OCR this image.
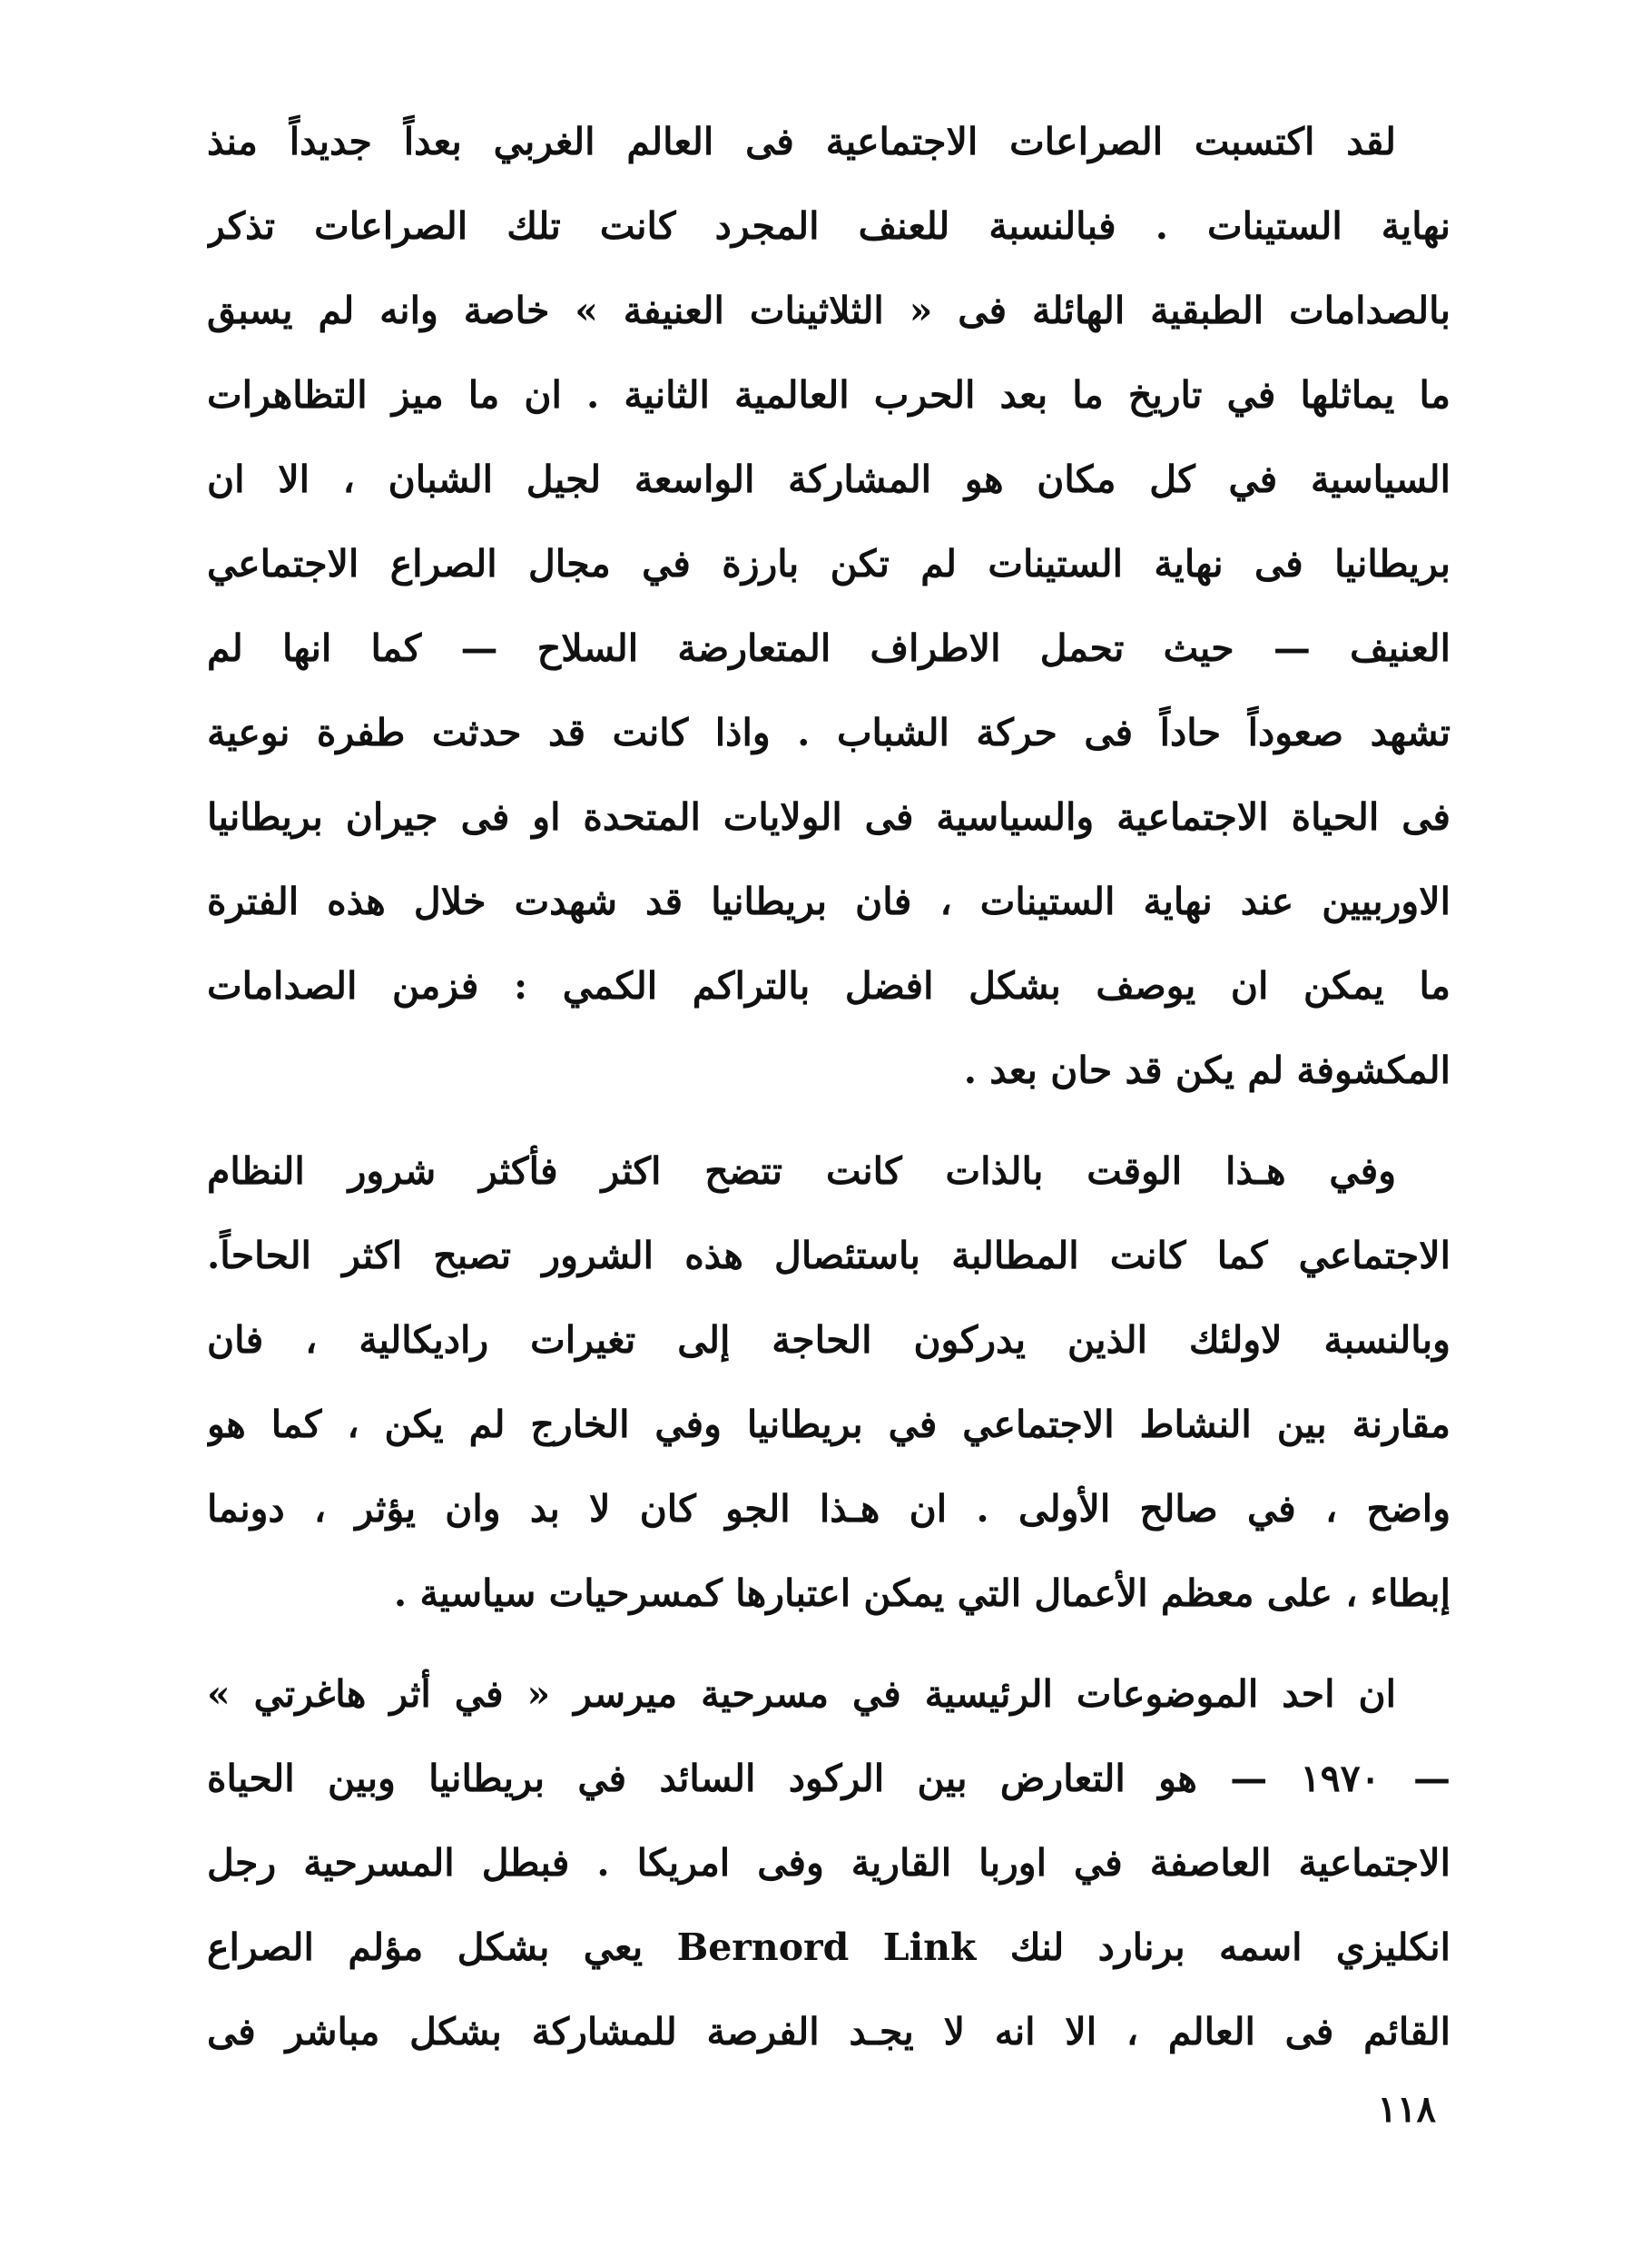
لقد اكتسبت الصراعات الاجتماعية فى العالم الغربي بعداً جديداً منذ
نهاية الستينات . فبالنسبة للعنف المجرد كانت تلك الصراعات تذكر
بالصدامات الطبقية الهائلة فى « الثلاثينات العنيفة » خاصة وانه لم يسبق
ما يماثلها في تاريخ ما بعد الحرب العالمية الثانية . ان ما ميز التظاهرات
السياسية في كل مكان هو المشاركة الواسعة لجيل الشبان ، الا ان
بريطانيا فى نهاية الستينات لم تكن بارزة في مجال الصراع الاجتماعي
العنيف — حيث تحمل الاطراف المتعارضة السلاح — كما انها لم
تشهد صعوداً حاداً فى حركة الشباب . واذا كانت قد حدثت طفرة نوعية
فى الحياة الاجتماعية والسياسية فى الولايات المتحدة او فى جيران بريطانيا
الاوربيين عند نهاية الستينات ، فان بريطانيا قد شهدت خلال هذه الفترة
ما يمكن ان يوصف بشكل افضل بالتراكم الكمي : فزمن الصدامات
المكشوفة لم يكن قد حان بعد .
وفي هـذا الوقت بالذات كانت تتضح اكثر فأكثر شرور النظام
الاجتماعي كما كانت المطالبة باستئصال هذه الشرور تصبح اكثر الحاحاً.
وبالنسبة لاولئك الذين يدركون الحاجة إلى تغيرات راديكالية ، فان
مقارنة بين النشاط الاجتماعي في بريطانيا وفي الخارج لم يكن ، كما هو
واضح ، في صالح الأولى . ان هـذا الجو كان لا بد وان يؤثر ، دونما
إبطاء ، على معظم الأعمال التي يمكن اعتبارها كمسرحيات سياسية .
ان احد الموضوعات الرئيسية في مسرحية ميرسر « في أثر هاغرتي »
— ١٩٧٠ — هو التعارض بين الركود السائد في بريطانيا وبين الحياة
الاجتماعية العاصفة في اوربا القارية وفى امريكا . فبطل المسرحية رجل
انكليزي اسمه برنارد لنك Bernord Link يعي بشكل مؤلم الصراع
القائم فى العالم ، الا انه لا يجـد الفرصة للمشاركة بشكل مباشر فى
١١٨
